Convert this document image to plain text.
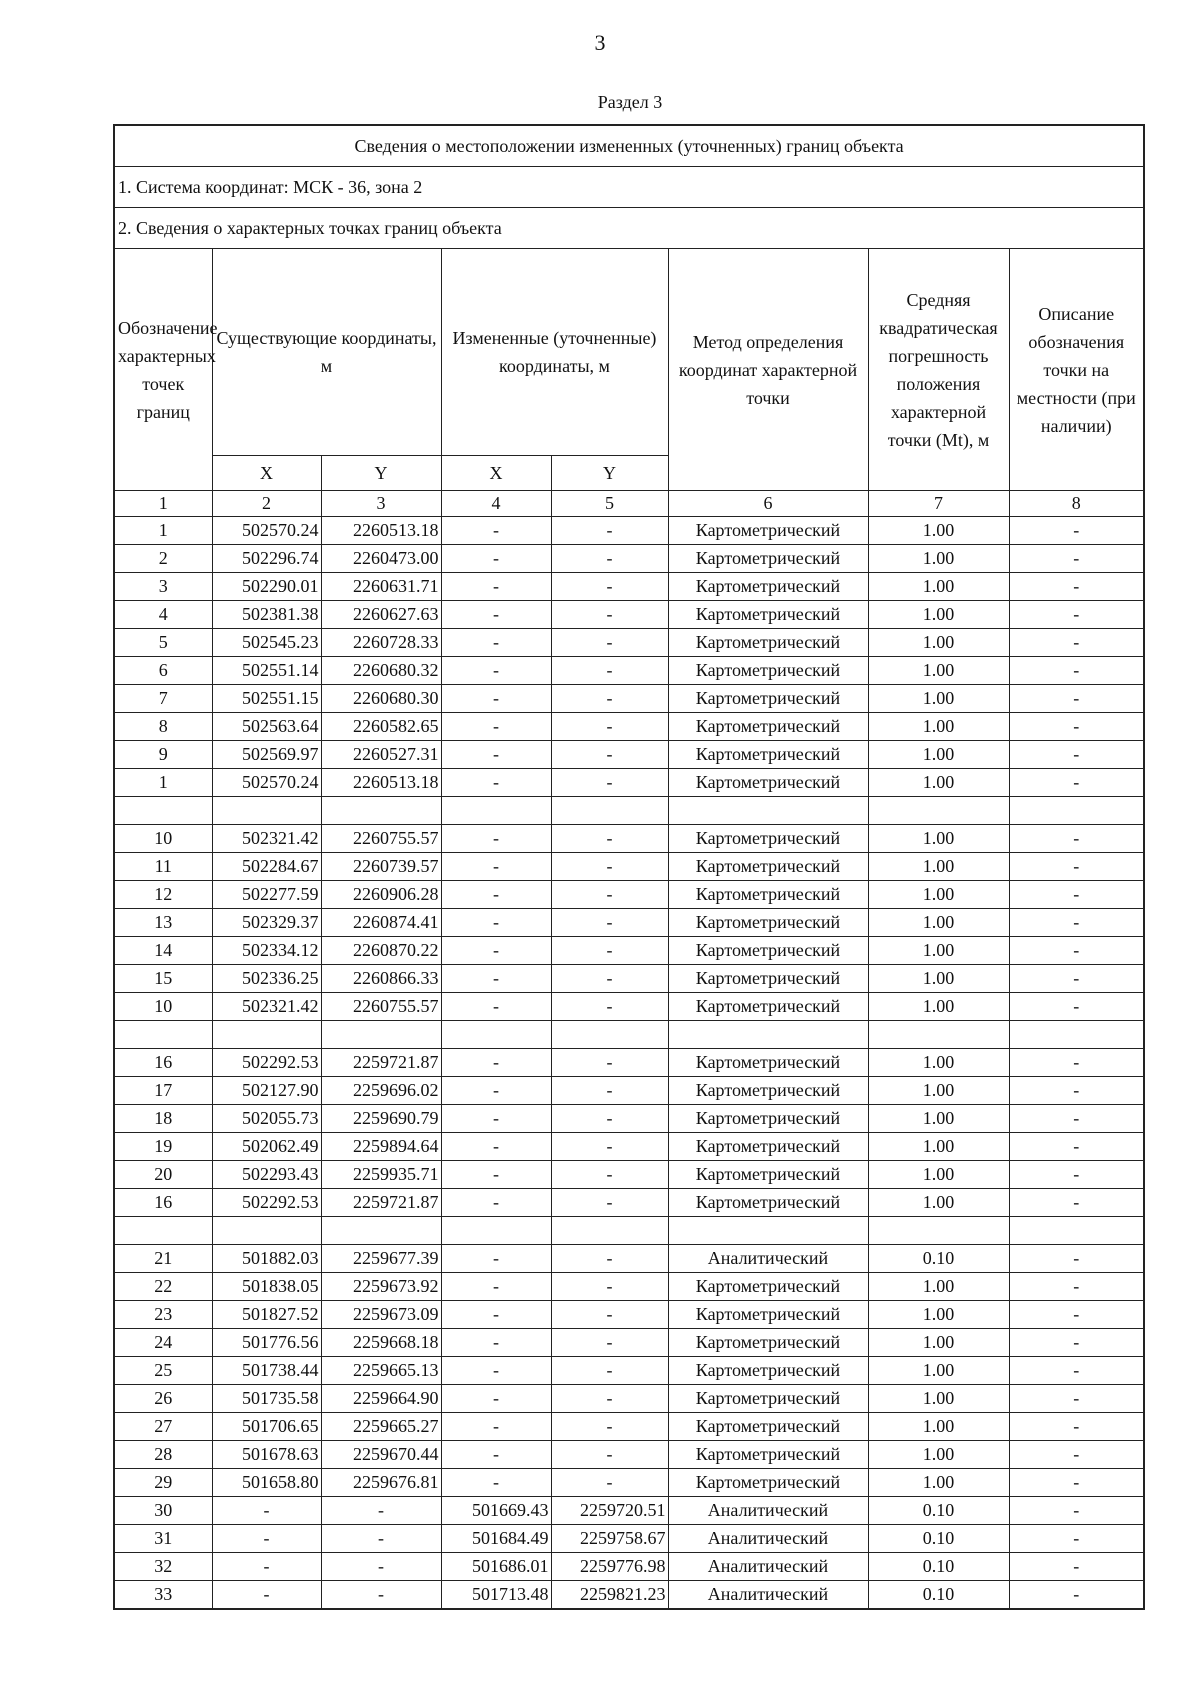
3
Раздел 3
Сведения о местоположении измененных (уточненных) границ объекта							
1. Система координат: МСК - 36, зона 2							
2. Сведения о характерных точках границ объекта							
Обозначение характерных точек границ	Существующие координаты, м		Измененные (уточненные) координаты, м		Метод определения координат характерной точки	Средняя квадратическая погрешность положения характерной точки (Mt), м	Описание обозначения точки на местности (при наличии)
	X	Y	X	Y			
1	2	3	4	5	6	7	8
1	502570.24	2260513.18	-	-	Картометрический	1.00	-
2	502296.74	2260473.00	-	-	Картометрический	1.00	-
3	502290.01	2260631.71	-	-	Картометрический	1.00	-
4	502381.38	2260627.63	-	-	Картометрический	1.00	-
5	502545.23	2260728.33	-	-	Картометрический	1.00	-
6	502551.14	2260680.32	-	-	Картометрический	1.00	-
7	502551.15	2260680.30	-	-	Картометрический	1.00	-
8	502563.64	2260582.65	-	-	Картометрический	1.00	-
9	502569.97	2260527.31	-	-	Картометрический	1.00	-
1	502570.24	2260513.18	-	-	Картометрический	1.00	-

10	502321.42	2260755.57	-	-	Картометрический	1.00	-
11	502284.67	2260739.57	-	-	Картометрический	1.00	-
12	502277.59	2260906.28	-	-	Картометрический	1.00	-
13	502329.37	2260874.41	-	-	Картометрический	1.00	-
14	502334.12	2260870.22	-	-	Картометрический	1.00	-
15	502336.25	2260866.33	-	-	Картометрический	1.00	-
10	502321.42	2260755.57	-	-	Картометрический	1.00	-

16	502292.53	2259721.87	-	-	Картометрический	1.00	-
17	502127.90	2259696.02	-	-	Картометрический	1.00	-
18	502055.73	2259690.79	-	-	Картометрический	1.00	-
19	502062.49	2259894.64	-	-	Картометрический	1.00	-
20	502293.43	2259935.71	-	-	Картометрический	1.00	-
16	502292.53	2259721.87	-	-	Картометрический	1.00	-

21	501882.03	2259677.39	-	-	Аналитический	0.10	-
22	501838.05	2259673.92	-	-	Картометрический	1.00	-
23	501827.52	2259673.09	-	-	Картометрический	1.00	-
24	501776.56	2259668.18	-	-	Картометрический	1.00	-
25	501738.44	2259665.13	-	-	Картометрический	1.00	-
26	501735.58	2259664.90	-	-	Картометрический	1.00	-
27	501706.65	2259665.27	-	-	Картометрический	1.00	-
28	501678.63	2259670.44	-	-	Картометрический	1.00	-
29	501658.80	2259676.81	-	-	Картометрический	1.00	-
30	-	-	501669.43	2259720.51	Аналитический	0.10	-
31	-	-	501684.49	2259758.67	Аналитический	0.10	-
32	-	-	501686.01	2259776.98	Аналитический	0.10	-
33	-	-	501713.48	2259821.23	Аналитический	0.10	-
